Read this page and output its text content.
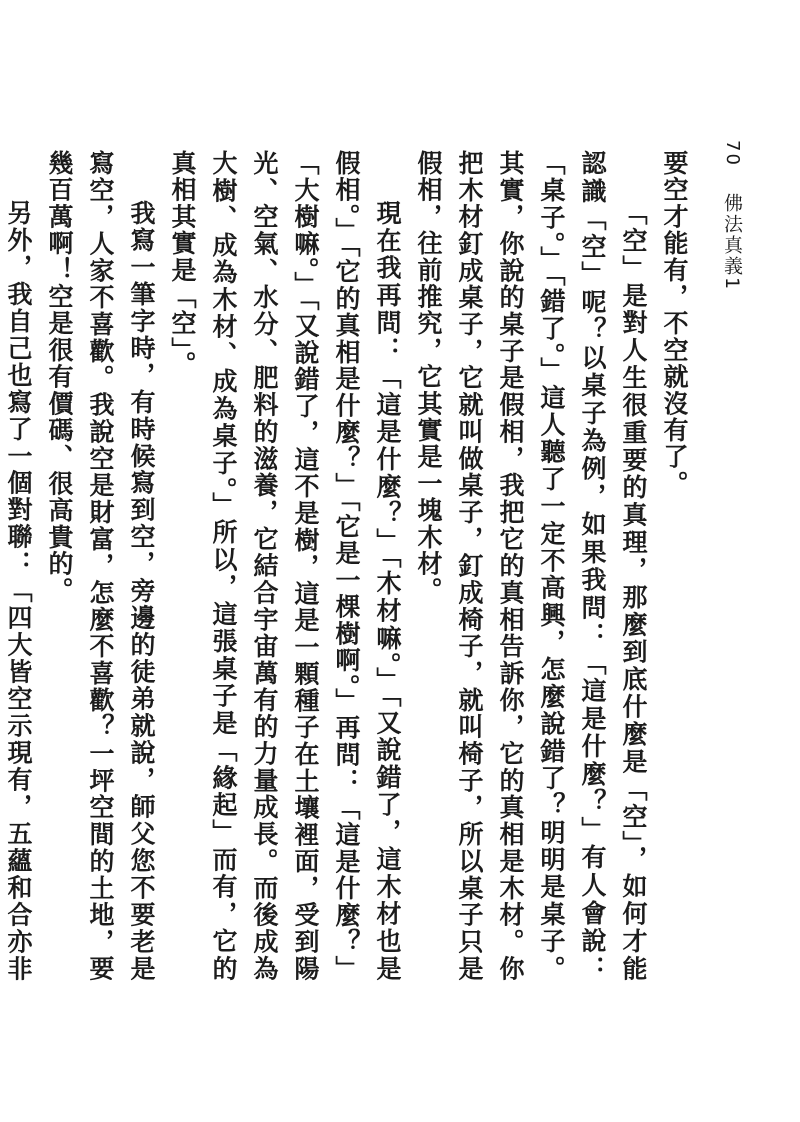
70 佛法真義1

要空才能有，不空就沒有了。

「空」是對人生很重要的真理，那麼到底什麼是「空」，如何才能認識「空」呢？以桌子為例，如果我問：「這是什麼？」有人會說：「桌子。」「錯了。」這人聽了一定不高興，怎麼說錯了？明明是桌子。其實，你說的桌子是假相，我把它的真相告訴你，它的真相是木材。你把木材釘成桌子，它就叫做桌子，釘成椅子，就叫椅子，所以桌子只是假相，往前推究，它其實是一塊木材。

現在我再問：「這是什麼？」「木材嘛。」「又說錯了，這木材也是假相。」「它的真相是什麼？」「它是一棵樹啊。」再問：「這是什麼？」「大樹嘛。」「又說錯了，這不是樹，這是一顆種子在土壤裡面，受到陽光、空氣、水分、肥料的滋養，它結合宇宙萬有的力量成長。而後成為大樹、成為木材、成為桌子。」所以，這張桌子是「緣起」而有，它的真相其實是「空」。

我寫一筆字時，有時候寫到空，旁邊的徒弟就說，師父您不要老是寫空，人家不喜歡。我說空是財富，怎麼不喜歡？一坪空間的土地，要幾百萬啊！空是很有價碼、很高貴的。

另外，我自己也寫了一個對聯：「四大皆空示現有，五蘊和合亦非
